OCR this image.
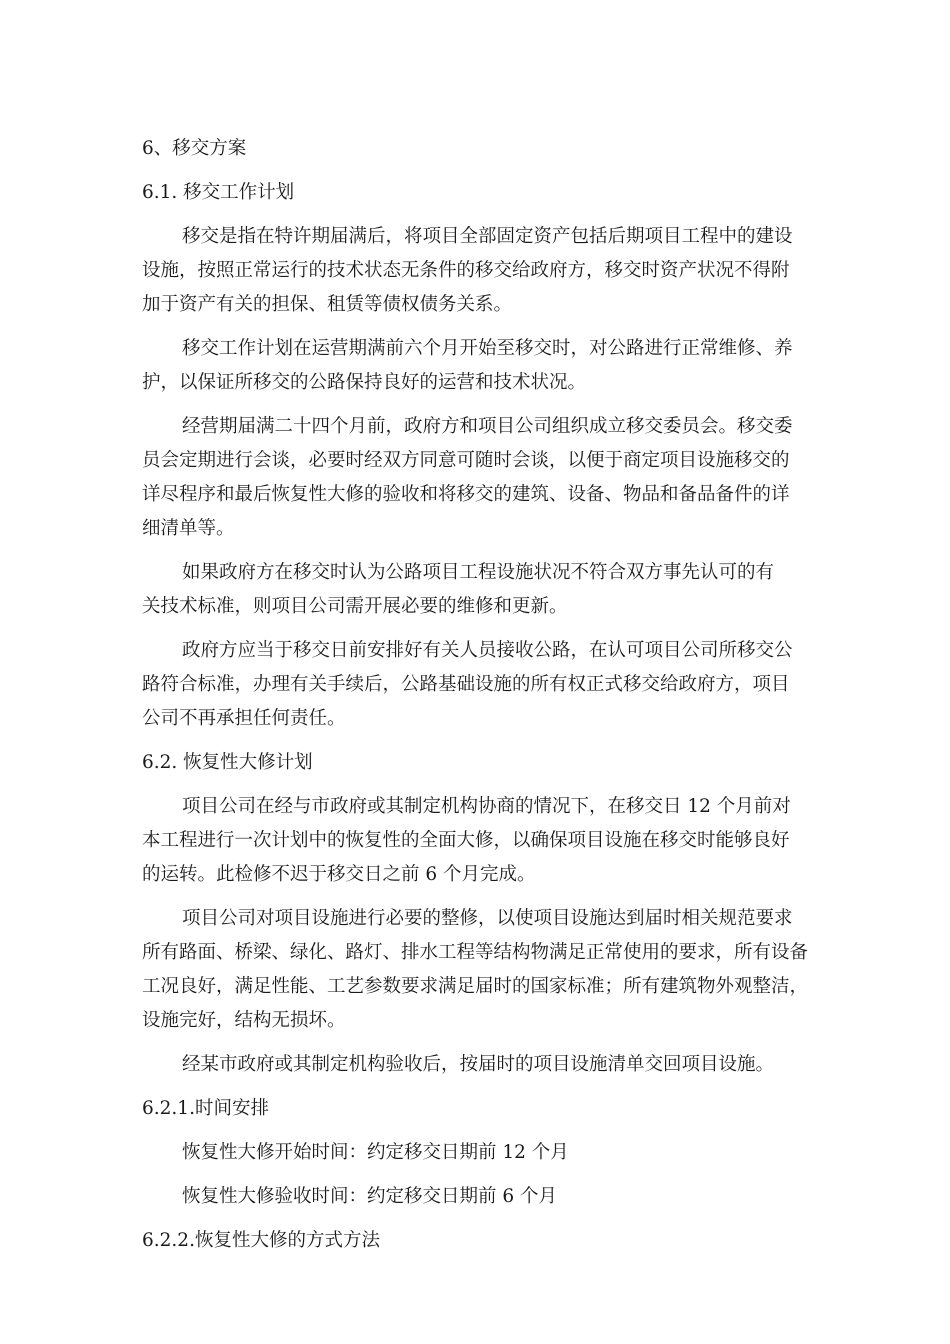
6、移交方案

6.1. 移交工作计划

移交是指在特许期届满后，将项目全部固定资产包括后期项目工程中的建设

设施，按照正常运行的技术状态无条件的移交给政府方，移交时资产状况不得附

加于资产有关的担保、租赁等债权债务关系。

移交工作计划在运营期满前六个月开始至移交时，对公路进行正常维修、养

护，以保证所移交的公路保持良好的运营和技术状况。

经营期届满二十四个月前，政府方和项目公司组织成立移交委员会。移交委

员会定期进行会谈，必要时经双方同意可随时会谈，以便于商定项目设施移交的

详尽程序和最后恢复性大修的验收和将移交的建筑、设备、物品和备品备件的详

细清单等。

如果政府方在移交时认为公路项目工程设施状况不符合双方事先认可的有

关技术标准，则项目公司需开展必要的维修和更新。

政府方应当于移交日前安排好有关人员接收公路，在认可项目公司所移交公

路符合标准，办理有关手续后，公路基础设施的所有权正式移交给政府方，项目

公司不再承担任何责任。

6.2. 恢复性大修计划

项目公司在经与市政府或其制定机构协商的情况下，在移交日 12 个月前对

本工程进行一次计划中的恢复性的全面大修，以确保项目设施在移交时能够良好

的运转。此检修不迟于移交日之前 6 个月完成。

项目公司对项目设施进行必要的整修，以使项目设施达到届时相关规范要求

所有路面、桥梁、绿化、路灯、排水工程等结构物满足正常使用的要求，所有设备

工况良好，满足性能、工艺参数要求满足届时的国家标准；所有建筑物外观整洁，

设施完好，结构无损坏。

经某市政府或其制定机构验收后，按届时的项目设施清单交回项目设施。

6.2.1.时间安排

恢复性大修开始时间：约定移交日期前 12 个月

恢复性大修验收时间：约定移交日期前 6 个月

6.2.2.恢复性大修的方式方法
